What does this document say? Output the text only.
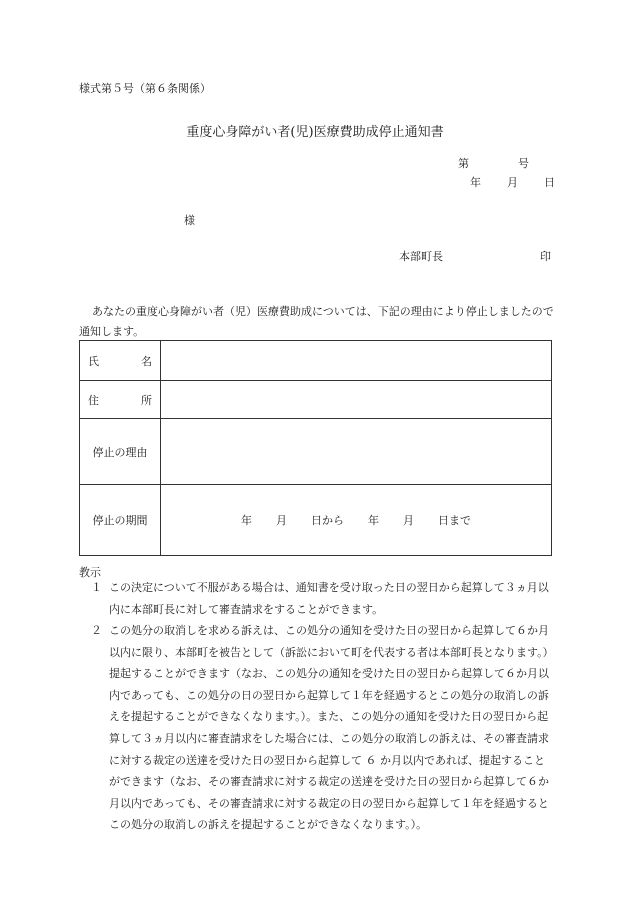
様式第５号（第６条関係）
重度心身障がい者(児)医療費助成停止通知書
第	号
年 月 日
様
本部町長	印
あなたの重度心身障がい者（児）医療費助成については、下記の理由により停止しましたので通知します。
氏 名	

住 所	

停止の理由	
停止の期間	年 月 日から 年 月 日まで
教示
１ この決定について不服がある場合は、通知書を受け取った日の翌日から起算して３ヵ月以内に本部町長に対して審査請求をすることができます。
２ この処分の取消しを求める訴えは、この処分の通知を受けた日の翌日から起算して６か月以内に限り、本部町を被告として（訴訟において町を代表する者は本部町長となります。）提起することができます（なお、この処分の通知を受けた日の翌日から起算して６か月以内であっても、この処分の日の翌日から起算して１年を経過するとこの処分の取消しの訴えを提起することができなくなります。）。また、この処分の通知を受けた日の翌日から起算して３ヵ月以内に審査請求をした場合には、この処分の取消しの訴えは、その審査請求に対する裁定の送達を受けた日の翌日から起算して ６ か月以内であれば、提起することができます（なお、その審査請求に対する裁定の送達を受けた日の翌日から起算して６か月以内であっても、その審査請求に対する裁定の日の翌日から起算して１年を経過するとこの処分の取消しの訴えを提起することができなくなります。）。
